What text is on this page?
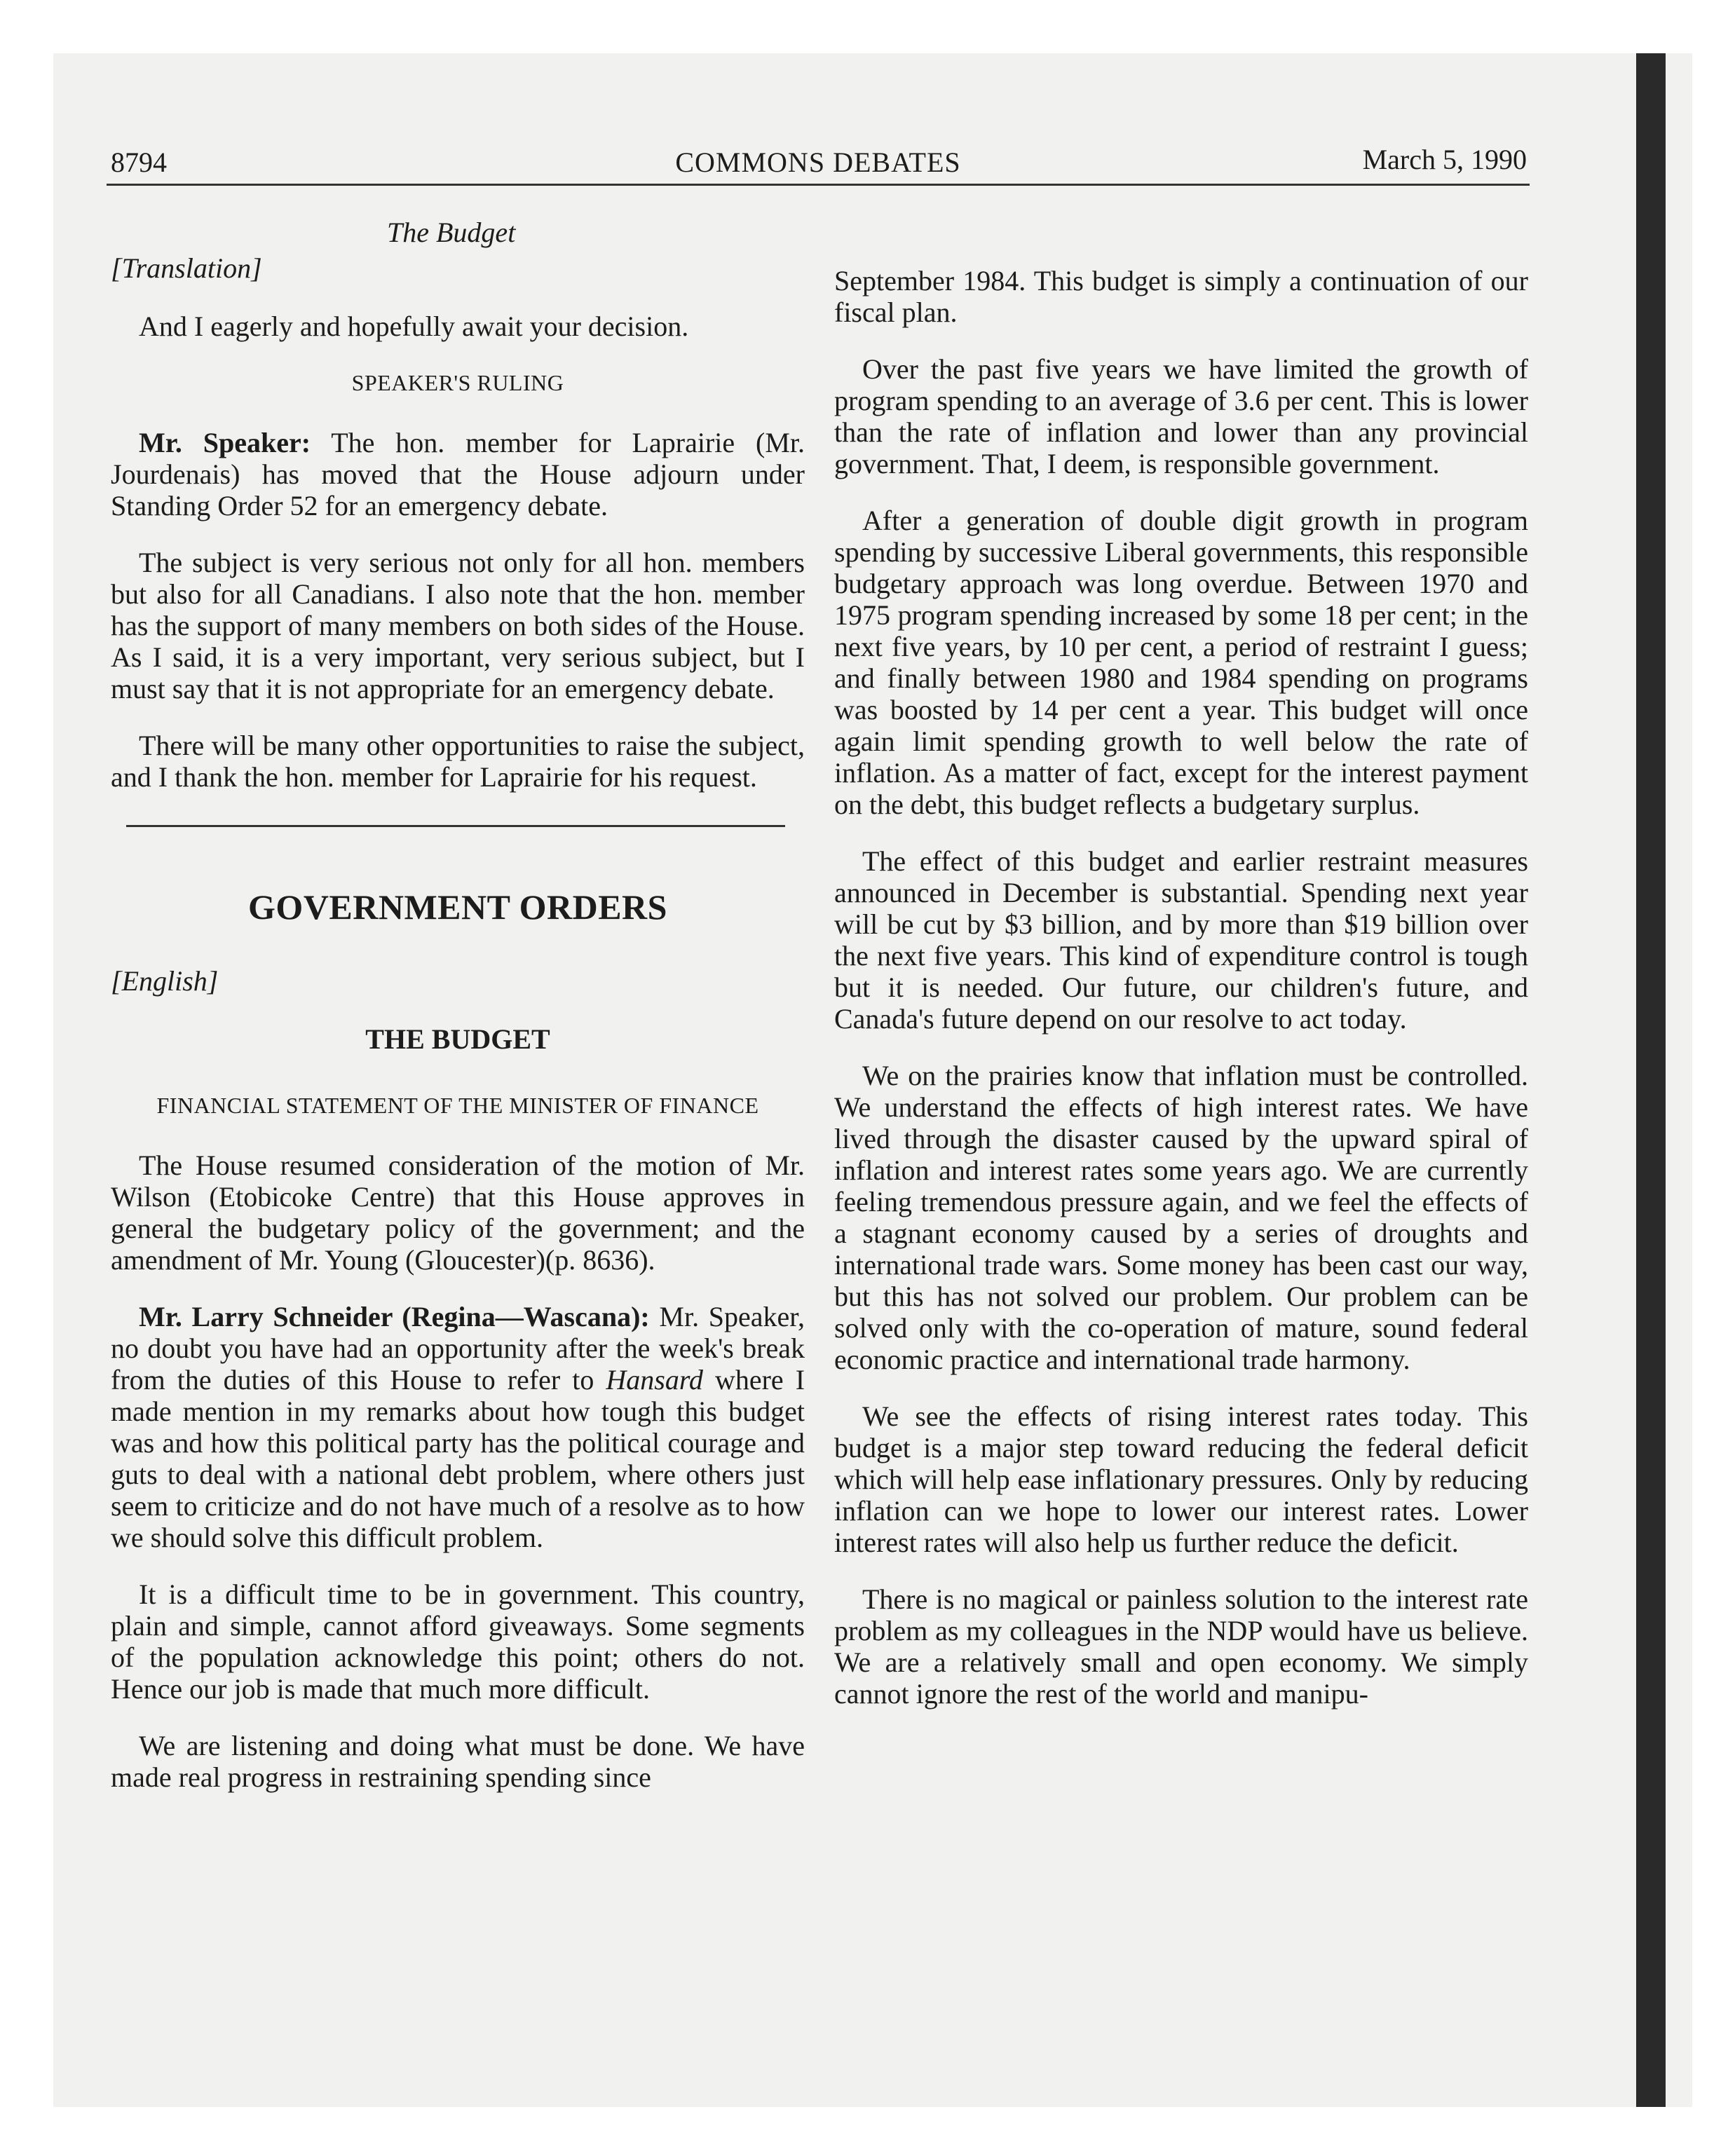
8794	COMMONS DEBATES	March 5, 1990
The Budget
[Translation]

And I eagerly and hopefully await your decision.

SPEAKER'S RULING

Mr. Speaker: The hon. member for Laprairie (Mr. Jourdenais) has moved that the House adjourn under Standing Order 52 for an emergency debate.

The subject is very serious not only for all hon. members but also for all Canadians. I also note that the hon. member has the support of many members on both sides of the House. As I said, it is a very important, very serious subject, but I must say that it is not appropriate for an emergency debate.

There will be many other opportunities to raise the subject, and I thank the hon. member for Laprairie for his request.

GOVERNMENT ORDERS
[English]
THE BUDGET
FINANCIAL STATEMENT OF THE MINISTER OF FINANCE

The House resumed consideration of the motion of Mr. Wilson (Etobicoke Centre) that this House approves in general the budgetary policy of the government; and the amendment of Mr. Young (Gloucester)(p. 8636).

Mr. Larry Schneider (Regina—Wascana): Mr. Speaker, no doubt you have had an opportunity after the week's break from the duties of this House to refer to Hansard where I made mention in my remarks about how tough this budget was and how this political party has the political courage and guts to deal with a national debt problem, where others just seem to criticize and do not have much of a resolve as to how we should solve this difficult problem.

It is a difficult time to be in government. This country, plain and simple, cannot afford giveaways. Some segments of the population acknowledge this point; others do not. Hence our job is made that much more difficult.

We are listening and doing what must be done. We have made real progress in restraining spending since

September 1984. This budget is simply a continuation of our fiscal plan.

Over the past five years we have limited the growth of program spending to an average of 3.6 per cent. This is lower than the rate of inflation and lower than any provincial government. That, I deem, is responsible government.

After a generation of double digit growth in program spending by successive Liberal governments, this responsible budgetary approach was long overdue. Between 1970 and 1975 program spending increased by some 18 per cent; in the next five years, by 10 per cent, a period of restraint I guess; and finally between 1980 and 1984 spending on programs was boosted by 14 per cent a year. This budget will once again limit spending growth to well below the rate of inflation. As a matter of fact, except for the interest payment on the debt, this budget reflects a budgetary surplus.

The effect of this budget and earlier restraint measures announced in December is substantial. Spending next year will be cut by $3 billion, and by more than $19 billion over the next five years. This kind of expenditure control is tough but it is needed. Our future, our children's future, and Canada's future depend on our resolve to act today.

We on the prairies know that inflation must be controlled. We understand the effects of high interest rates. We have lived through the disaster caused by the upward spiral of inflation and interest rates some years ago. We are currently feeling tremendous pressure again, and we feel the effects of a stagnant economy caused by a series of droughts and international trade wars. Some money has been cast our way, but this has not solved our problem. Our problem can be solved only with the co-operation of mature, sound federal economic practice and international trade harmony.

We see the effects of rising interest rates today. This budget is a major step toward reducing the federal deficit which will help ease inflationary pressures. Only by reducing inflation can we hope to lower our interest rates. Lower interest rates will also help us further reduce the deficit.

There is no magical or painless solution to the interest rate problem as my colleagues in the NDP would have us believe. We are a relatively small and open economy. We simply cannot ignore the rest of the world and manipu-
